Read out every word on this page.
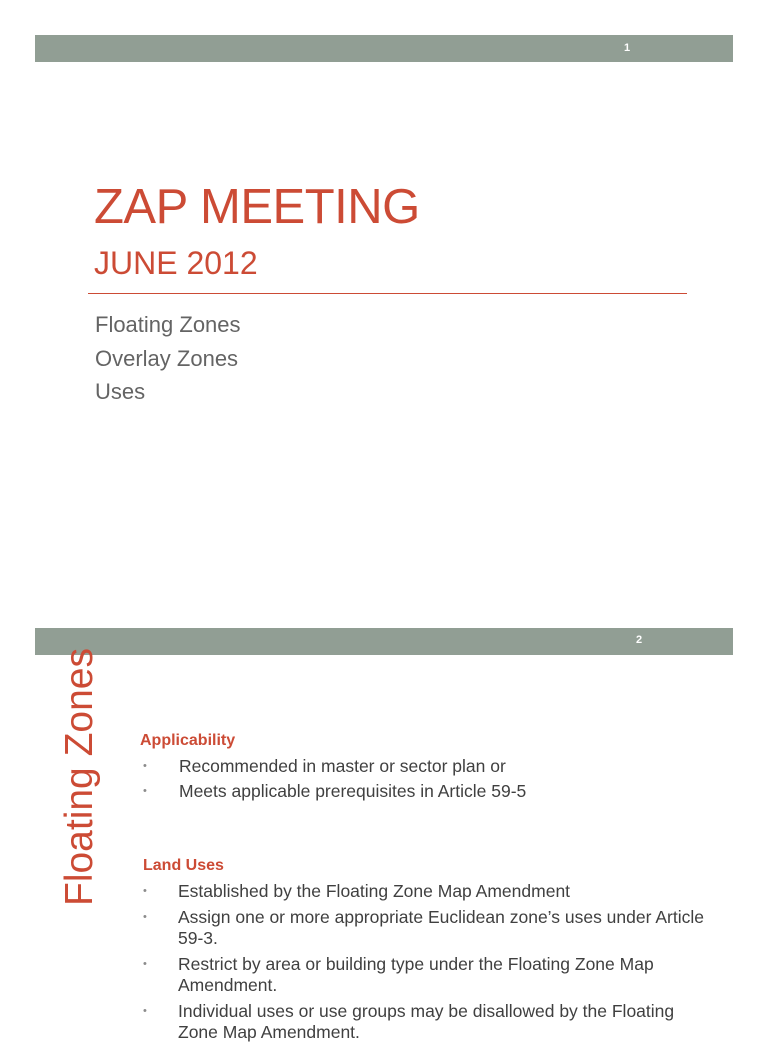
1
ZAP MEETING
JUNE 2012
Floating Zones
Overlay Zones
Uses
2
Floating Zones Applicability
• Recommended in master or sector plan or
• Meets applicable prerequisites in Article 59-5
Land Uses
• Established by the Floating Zone Map Amendment
• Assign one or more appropriate Euclidean zone’s uses under Article 59-3.
• Restrict by area or building type under the Floating Zone Map Amendment.
• Individual uses or use groups may be disallowed by the Floating Zone Map Amendment.
